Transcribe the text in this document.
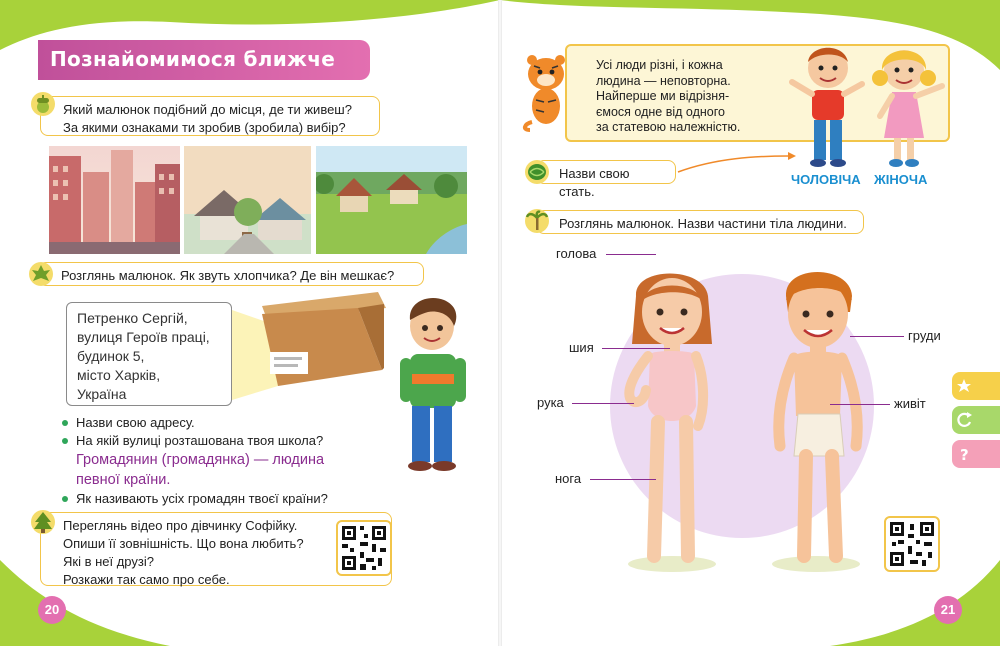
Познайомимося ближче
Який малюнок подібний до місця, де ти живеш?
За якими ознаками ти зробив (зробила) вибір?
Розглянь малюнок. Як звуть хлопчика? Де він мешкає?
Петренко Сергій,
вулиця Героїв праці,
будинок 5,
місто Харків,
Україна
Назви свою адресу.
На якій вулиці розташована твоя школа?
Громадянин (громадянка) — людина
певної країни.
Як називають усіх громадян твоєї країни?
Переглянь відео про дівчинку Софійку.
Опиши її зовнішність. Що вона любить?
Які в неї друзі?
Розкажи так само про себе.
20
Усі люди різні, і кожна
людина — неповторна.
Найперше ми відрізня-
ємося одне від одного
за статевою належністю.
Назви свою стать.
ЧОЛОВІЧА ЖІНОЧА
Розглянь малюнок. Назви частини тіла людини.
голова
шия
рука
нога
груди
живіт
21
?
